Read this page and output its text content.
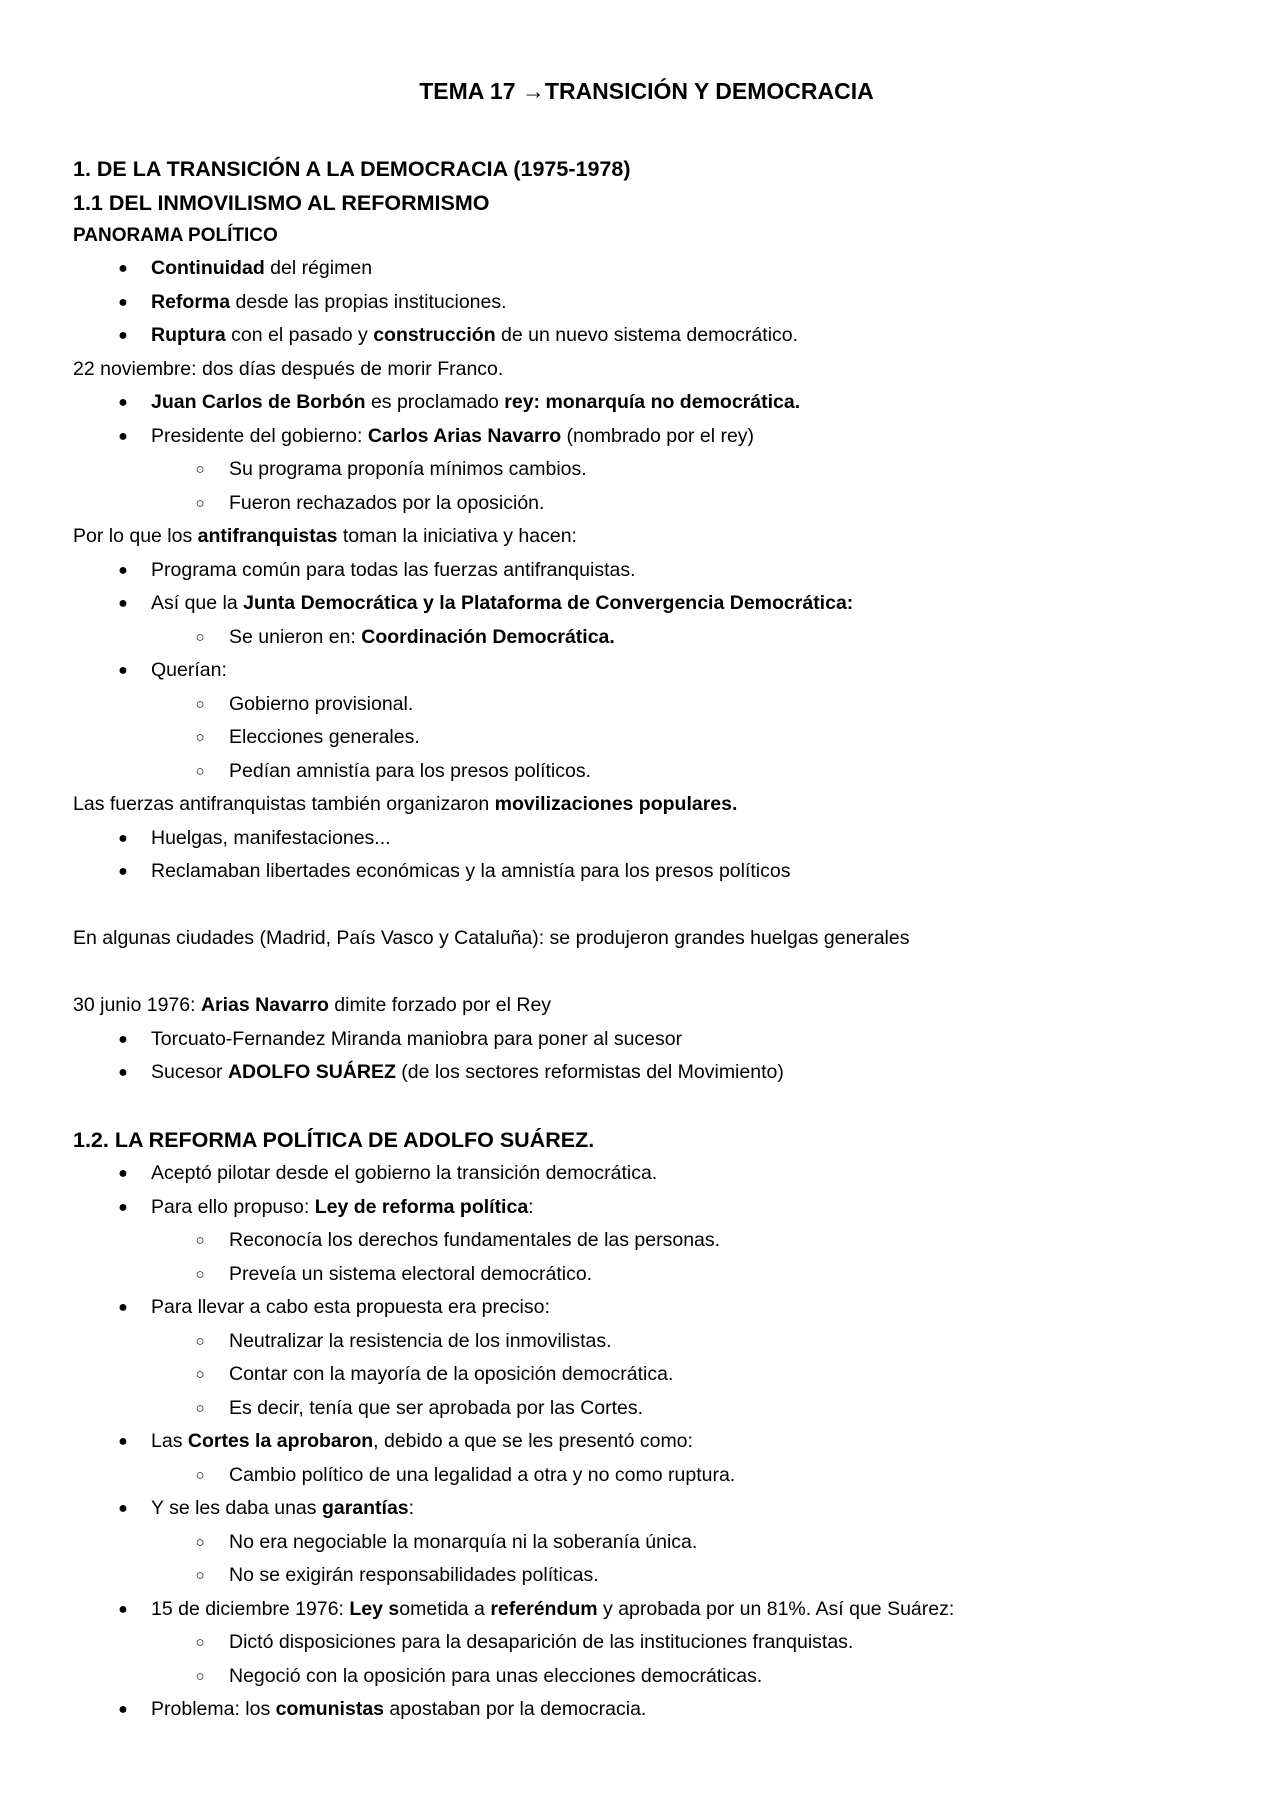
TEMA 17 →TRANSICIÓN Y DEMOCRACIA
1. DE LA TRANSICIÓN A LA DEMOCRACIA (1975-1978)
1.1 DEL INMOVILISMO AL REFORMISMO
PANORAMA POLÍTICO
● Continuidad del régimen
● Reforma desde las propias instituciones.
● Ruptura con el pasado y construcción de un nuevo sistema democrático.
22 noviembre: dos días después de morir Franco.
● Juan Carlos de Borbón es proclamado rey: monarquía no democrática.
● Presidente del gobierno: Carlos Arias Navarro (nombrado por el rey)
○ Su programa proponía mínimos cambios.
○ Fueron rechazados por la oposición.
Por lo que los antifranquistas toman la iniciativa y hacen:
● Programa común para todas las fuerzas antifranquistas.
● Así que la Junta Democrática y la Plataforma de Convergencia Democrática:
○ Se unieron en: Coordinación Democrática.
● Querían:
○ Gobierno provisional.
○ Elecciones generales.
○ Pedían amnistía para los presos políticos.
Las fuerzas antifranquistas también organizaron movilizaciones populares.
● Huelgas, manifestaciones...
● Reclamaban libertades económicas y la amnistía para los presos políticos
En algunas ciudades (Madrid, País Vasco y Cataluña): se produjeron grandes huelgas generales
30 junio 1976: Arias Navarro dimite forzado por el Rey
● Torcuato-Fernandez Miranda maniobra para poner al sucesor
● Sucesor ADOLFO SUÁREZ (de los sectores reformistas del Movimiento)
1.2. LA REFORMA POLÍTICA DE ADOLFO SUÁREZ.
● Aceptó pilotar desde el gobierno la transición democrática.
● Para ello propuso: Ley de reforma política:
○ Reconocía los derechos fundamentales de las personas.
○ Preveía un sistema electoral democrático.
● Para llevar a cabo esta propuesta era preciso:
○ Neutralizar la resistencia de los inmovilistas.
○ Contar con la mayoría de la oposición democrática.
○ Es decir, tenía que ser aprobada por las Cortes.
● Las Cortes la aprobaron, debido a que se les presentó como:
○ Cambio político de una legalidad a otra y no como ruptura.
● Y se les daba unas garantías:
○ No era negociable la monarquía ni la soberanía única.
○ No se exigirán responsabilidades políticas.
● 15 de diciembre 1976: Ley sometida a referéndum y aprobada por un 81%. Así que Suárez:
○ Dictó disposiciones para la desaparición de las instituciones franquistas.
○ Negoció con la oposición para unas elecciones democráticas.
● Problema: los comunistas apostaban por la democracia.
